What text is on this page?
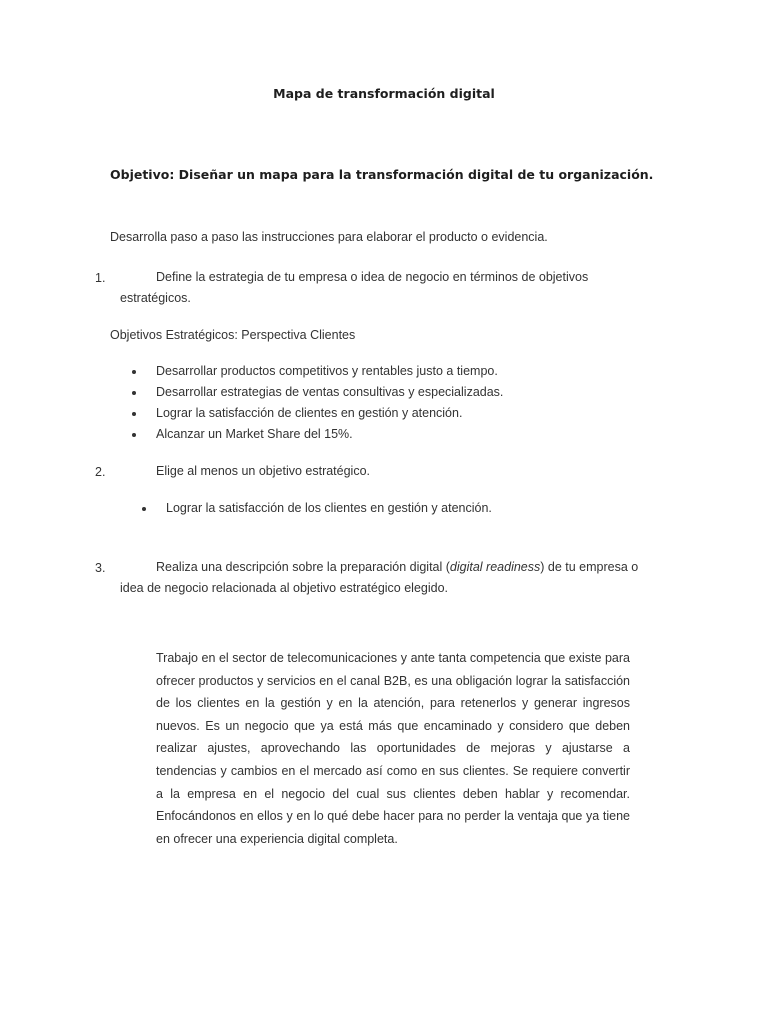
Mapa de transformación digital
Objetivo: Diseñar un mapa para la transformación digital de tu organización.
Desarrolla paso a paso las instrucciones para elaborar el producto o evidencia.
1.	Define la estrategia de tu empresa o idea de negocio en términos de objetivos
estratégicos.
Objetivos Estratégicos: Perspectiva Clientes
Desarrollar productos competitivos y rentables justo a tiempo.
Desarrollar estrategias de ventas consultivas y especializadas.
Lograr la satisfacción de clientes en gestión y atención.
Alcanzar un Market Share del 15%.
2.	Elige al menos un objetivo estratégico.
Lograr la satisfacción de los clientes en gestión y atención.
3.	Realiza una descripción sobre la preparación digital (digital readiness) de tu empresa o
idea de negocio relacionada al objetivo estratégico elegido.
Trabajo en el sector de telecomunicaciones y ante tanta competencia que existe para ofrecer productos y servicios en el canal B2B, es una obligación lograr la satisfacción de los clientes en la gestión y en la atención, para retenerlos y generar ingresos nuevos. Es un negocio que ya está más que encaminado y considero que deben realizar ajustes, aprovechando las oportunidades de mejoras y ajustarse a tendencias y cambios en el mercado así como en sus clientes. Se requiere convertir a la empresa en el negocio del cual sus clientes deben hablar y recomendar. Enfocándonos en ellos y en lo qué debe hacer para no perder la ventaja que ya tiene en ofrecer una experiencia digital completa.
